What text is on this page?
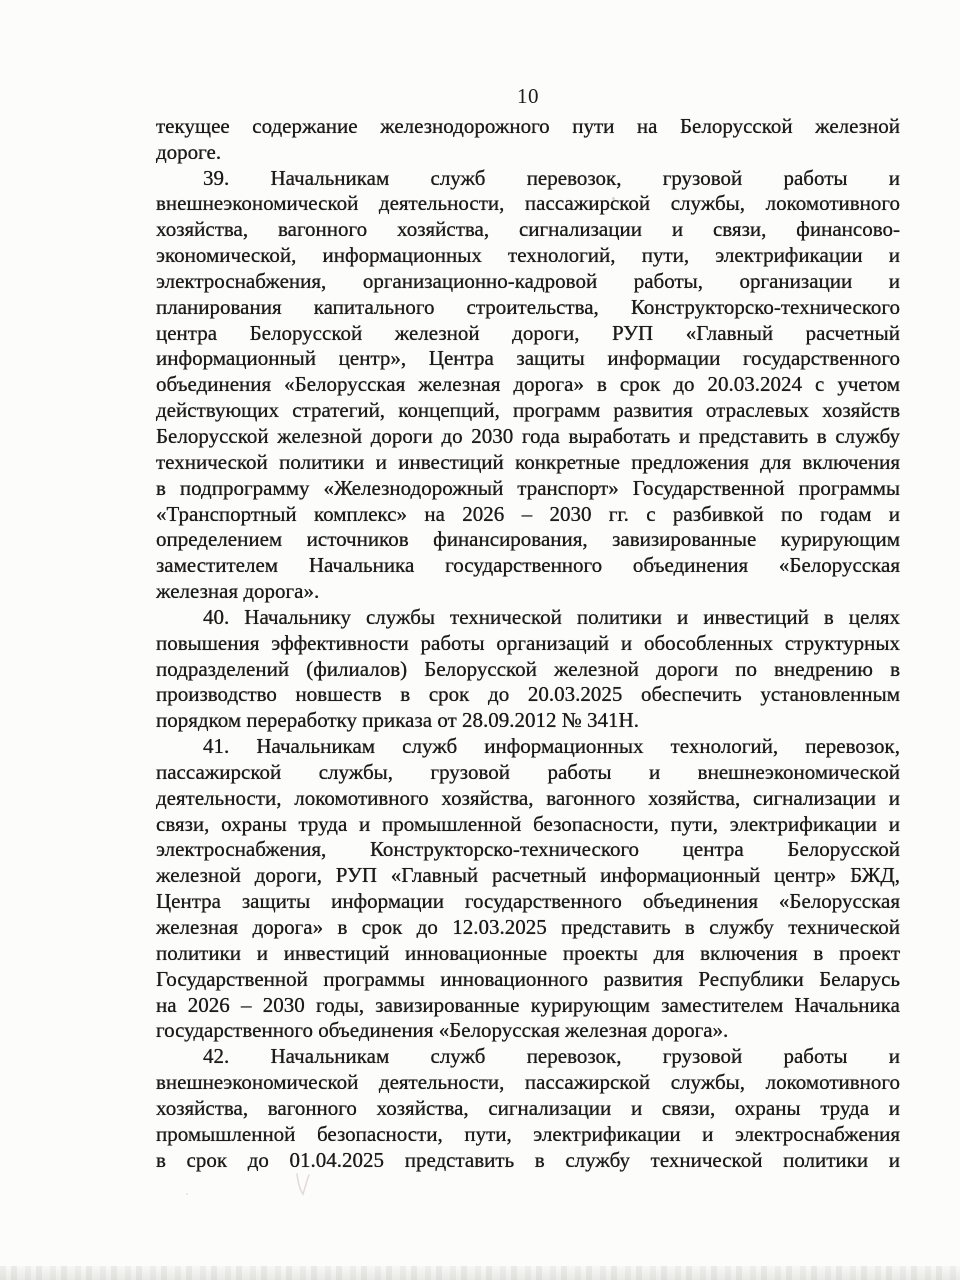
10
текущее содержание железнодорожного пути на Белорусской железной
дороге.
39. Начальникам служб перевозок, грузовой работы и
внешнеэкономической деятельности, пассажирской службы, локомотивного
хозяйства, вагонного хозяйства, сигнализации и связи, финансово-
экономической, информационных технологий, пути, электрификации и
электроснабжения, организационно-кадровой работы, организации и
планирования капитального строительства, Конструкторско-технического
центра Белорусской железной дороги, РУП «Главный расчетный
информационный центр», Центра защиты информации государственного
объединения «Белорусская железная дорога» в срок до 20.03.2024 с учетом
действующих стратегий, концепций, программ развития отраслевых хозяйств
Белорусской железной дороги до 2030 года выработать и представить в службу
технической политики и инвестиций конкретные предложения для включения
в подпрограмму «Железнодорожный транспорт» Государственной программы
«Транспортный комплекс» на 2026 – 2030 гг. с разбивкой по годам и
определением источников финансирования, завизированные курирующим
заместителем Начальника государственного объединения «Белорусская
железная дорога».
40. Начальнику службы технической политики и инвестиций в целях
повышения эффективности работы организаций и обособленных структурных
подразделений (филиалов) Белорусской железной дороги по внедрению в
производство новшеств в срок до 20.03.2025 обеспечить установленным
порядком переработку приказа от 28.09.2012 № 341Н.
41. Начальникам служб информационных технологий, перевозок,
пассажирской службы, грузовой работы и внешнеэкономической
деятельности, локомотивного хозяйства, вагонного хозяйства, сигнализации и
связи, охраны труда и промышленной безопасности, пути, электрификации и
электроснабжения, Конструкторско-технического центра Белорусской
железной дороги, РУП «Главный расчетный информационный центр» БЖД,
Центра защиты информации государственного объединения «Белорусская
железная дорога» в срок до 12.03.2025 представить в службу технической
политики и инвестиций инновационные проекты для включения в проект
Государственной программы инновационного развития Республики Беларусь
на 2026 – 2030 годы, завизированные курирующим заместителем Начальника
государственного объединения «Белорусская железная дорога».
42. Начальникам служб перевозок, грузовой работы и
внешнеэкономической деятельности, пассажирской службы, локомотивного
хозяйства, вагонного хозяйства, сигнализации и связи, охраны труда и
промышленной безопасности, пути, электрификации и электроснабжения
в срок до 01.04.2025 представить в службу технической политики и
